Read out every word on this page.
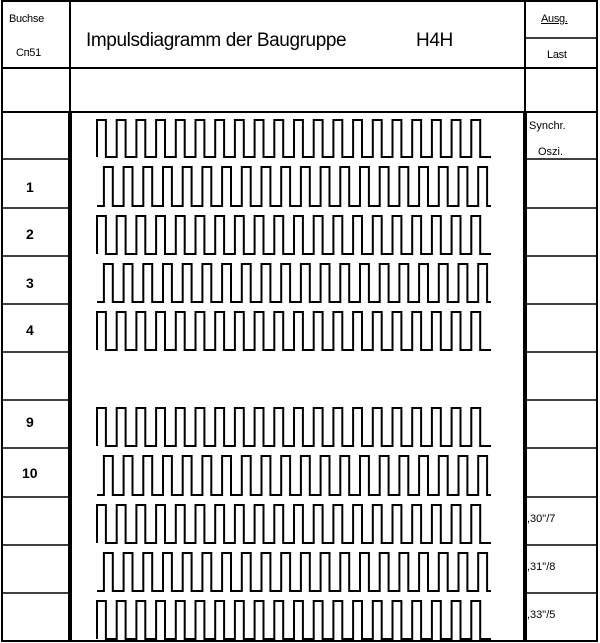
Buchse
Cп51
Impulsdiagramm der Baugruppe	H4H
Ausg.
Last
1
2
3
4
9
10
Synchr.
Oszi.
,30"/7
,31"/8
,33"/5
